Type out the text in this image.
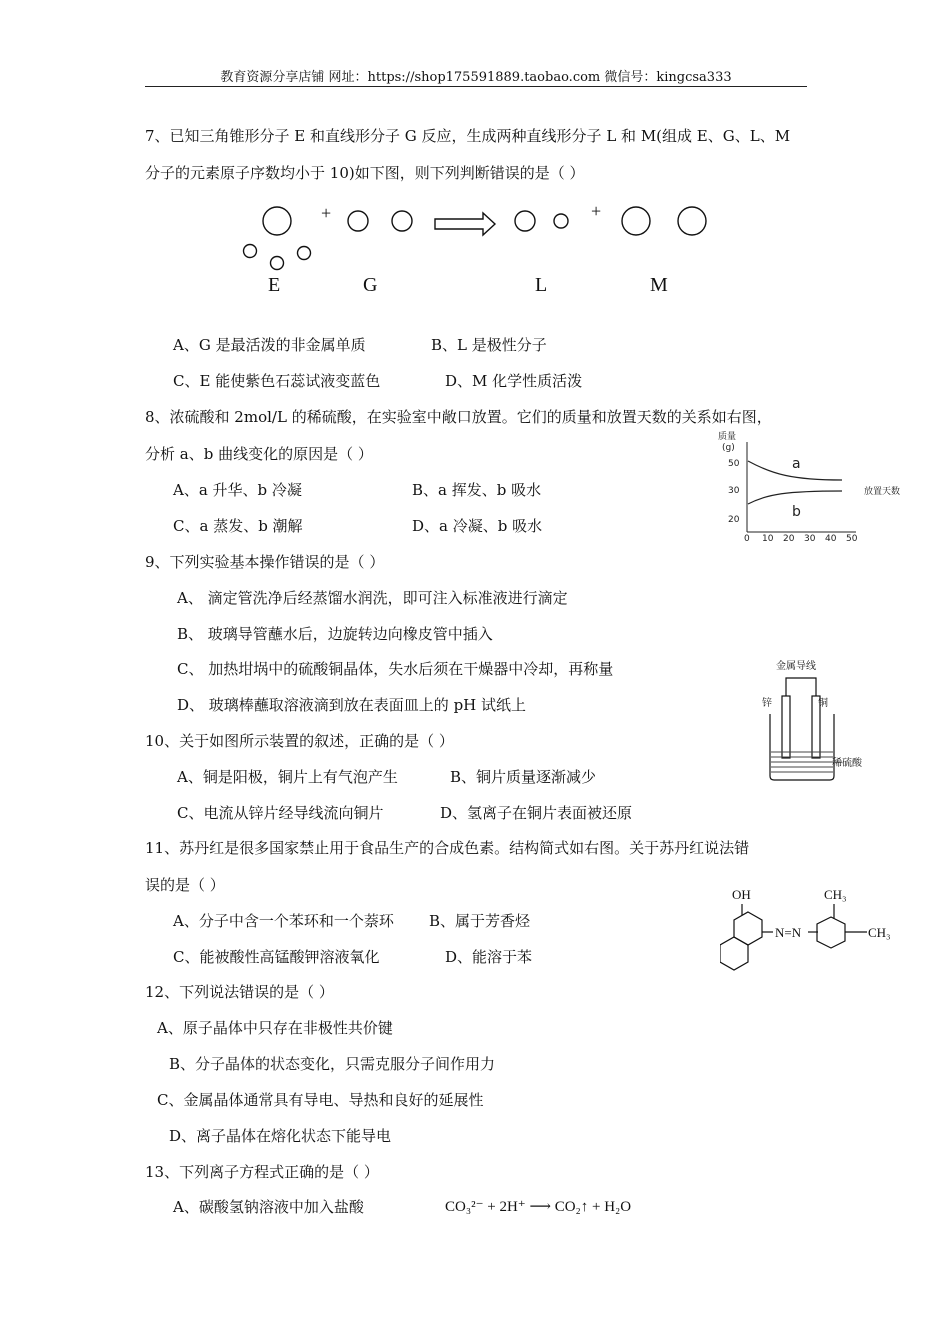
教育资源分享店铺 网址：https://shop175591889.taobao.com 微信号：kingcsa333
7、已知三角锥形分子 E 和直线形分子 G 反应，生成两种直线形分子 L 和 M(组成 E、G、L、M
分子的元素原子序数均小于 10)如下图，则下列判断错误的是（ ）
+	+
E	G	L	M
A、G 是最活泼的非金属单质	B、L 是极性分子
C、E 能使紫色石蕊试液变蓝色	D、M 化学性质活泼
8、浓硫酸和 2mol/L 的稀硫酸，在实验室中敞口放置。它们的质量和放置天数的关系如右图，
分析 a、b 曲线变化的原因是（ ）
A、a 升华、b 冷凝	B、a 挥发、b 吸水
C、a 蒸发、b 潮解	D、a 冷凝、b 吸水
质量
(g)
50
30
20
0 10 20 30 40 50
放置天数
a
b
9、下列实验基本操作错误的是（ ）
A、 滴定管洗净后经蒸馏水润洗，即可注入标准液进行滴定
B、 玻璃导管蘸水后，边旋转边向橡皮管中插入
C、 加热坩埚中的硫酸铜晶体，失水后须在干燥器中冷却，再称量
D、 玻璃棒蘸取溶液滴到放在表面皿上的 pH 试纸上
10、关于如图所示装置的叙述，正确的是（ ）
A、铜是阳极，铜片上有气泡产生	B、铜片质量逐渐减少
C、电流从锌片经导线流向铜片	D、氢离子在铜片表面被还原
金属导线
锌	铜
稀硫酸
11、苏丹红是很多国家禁止用于食品生产的合成色素。结构简式如右图。关于苏丹红说法错
误的是（ ）
A、分子中含一个苯环和一个萘环 B、属于芳香烃
C、能被酸性高锰酸钾溶液氧化	D、能溶于苯
OH
N=N
CH₃
CH₃
12、下列说法错误的是（ ）
A、原子晶体中只存在非极性共价键
B、分子晶体的状态变化，只需克服分子间作用力
C、金属晶体通常具有导电、导热和良好的延展性
D、离子晶体在熔化状态下能导电
13、下列离子方程式正确的是（ ）
A、碳酸氢钠溶液中加入盐酸	CO₃²⁻ + 2H⁺ ⟶ CO₂↑ + H₂O
